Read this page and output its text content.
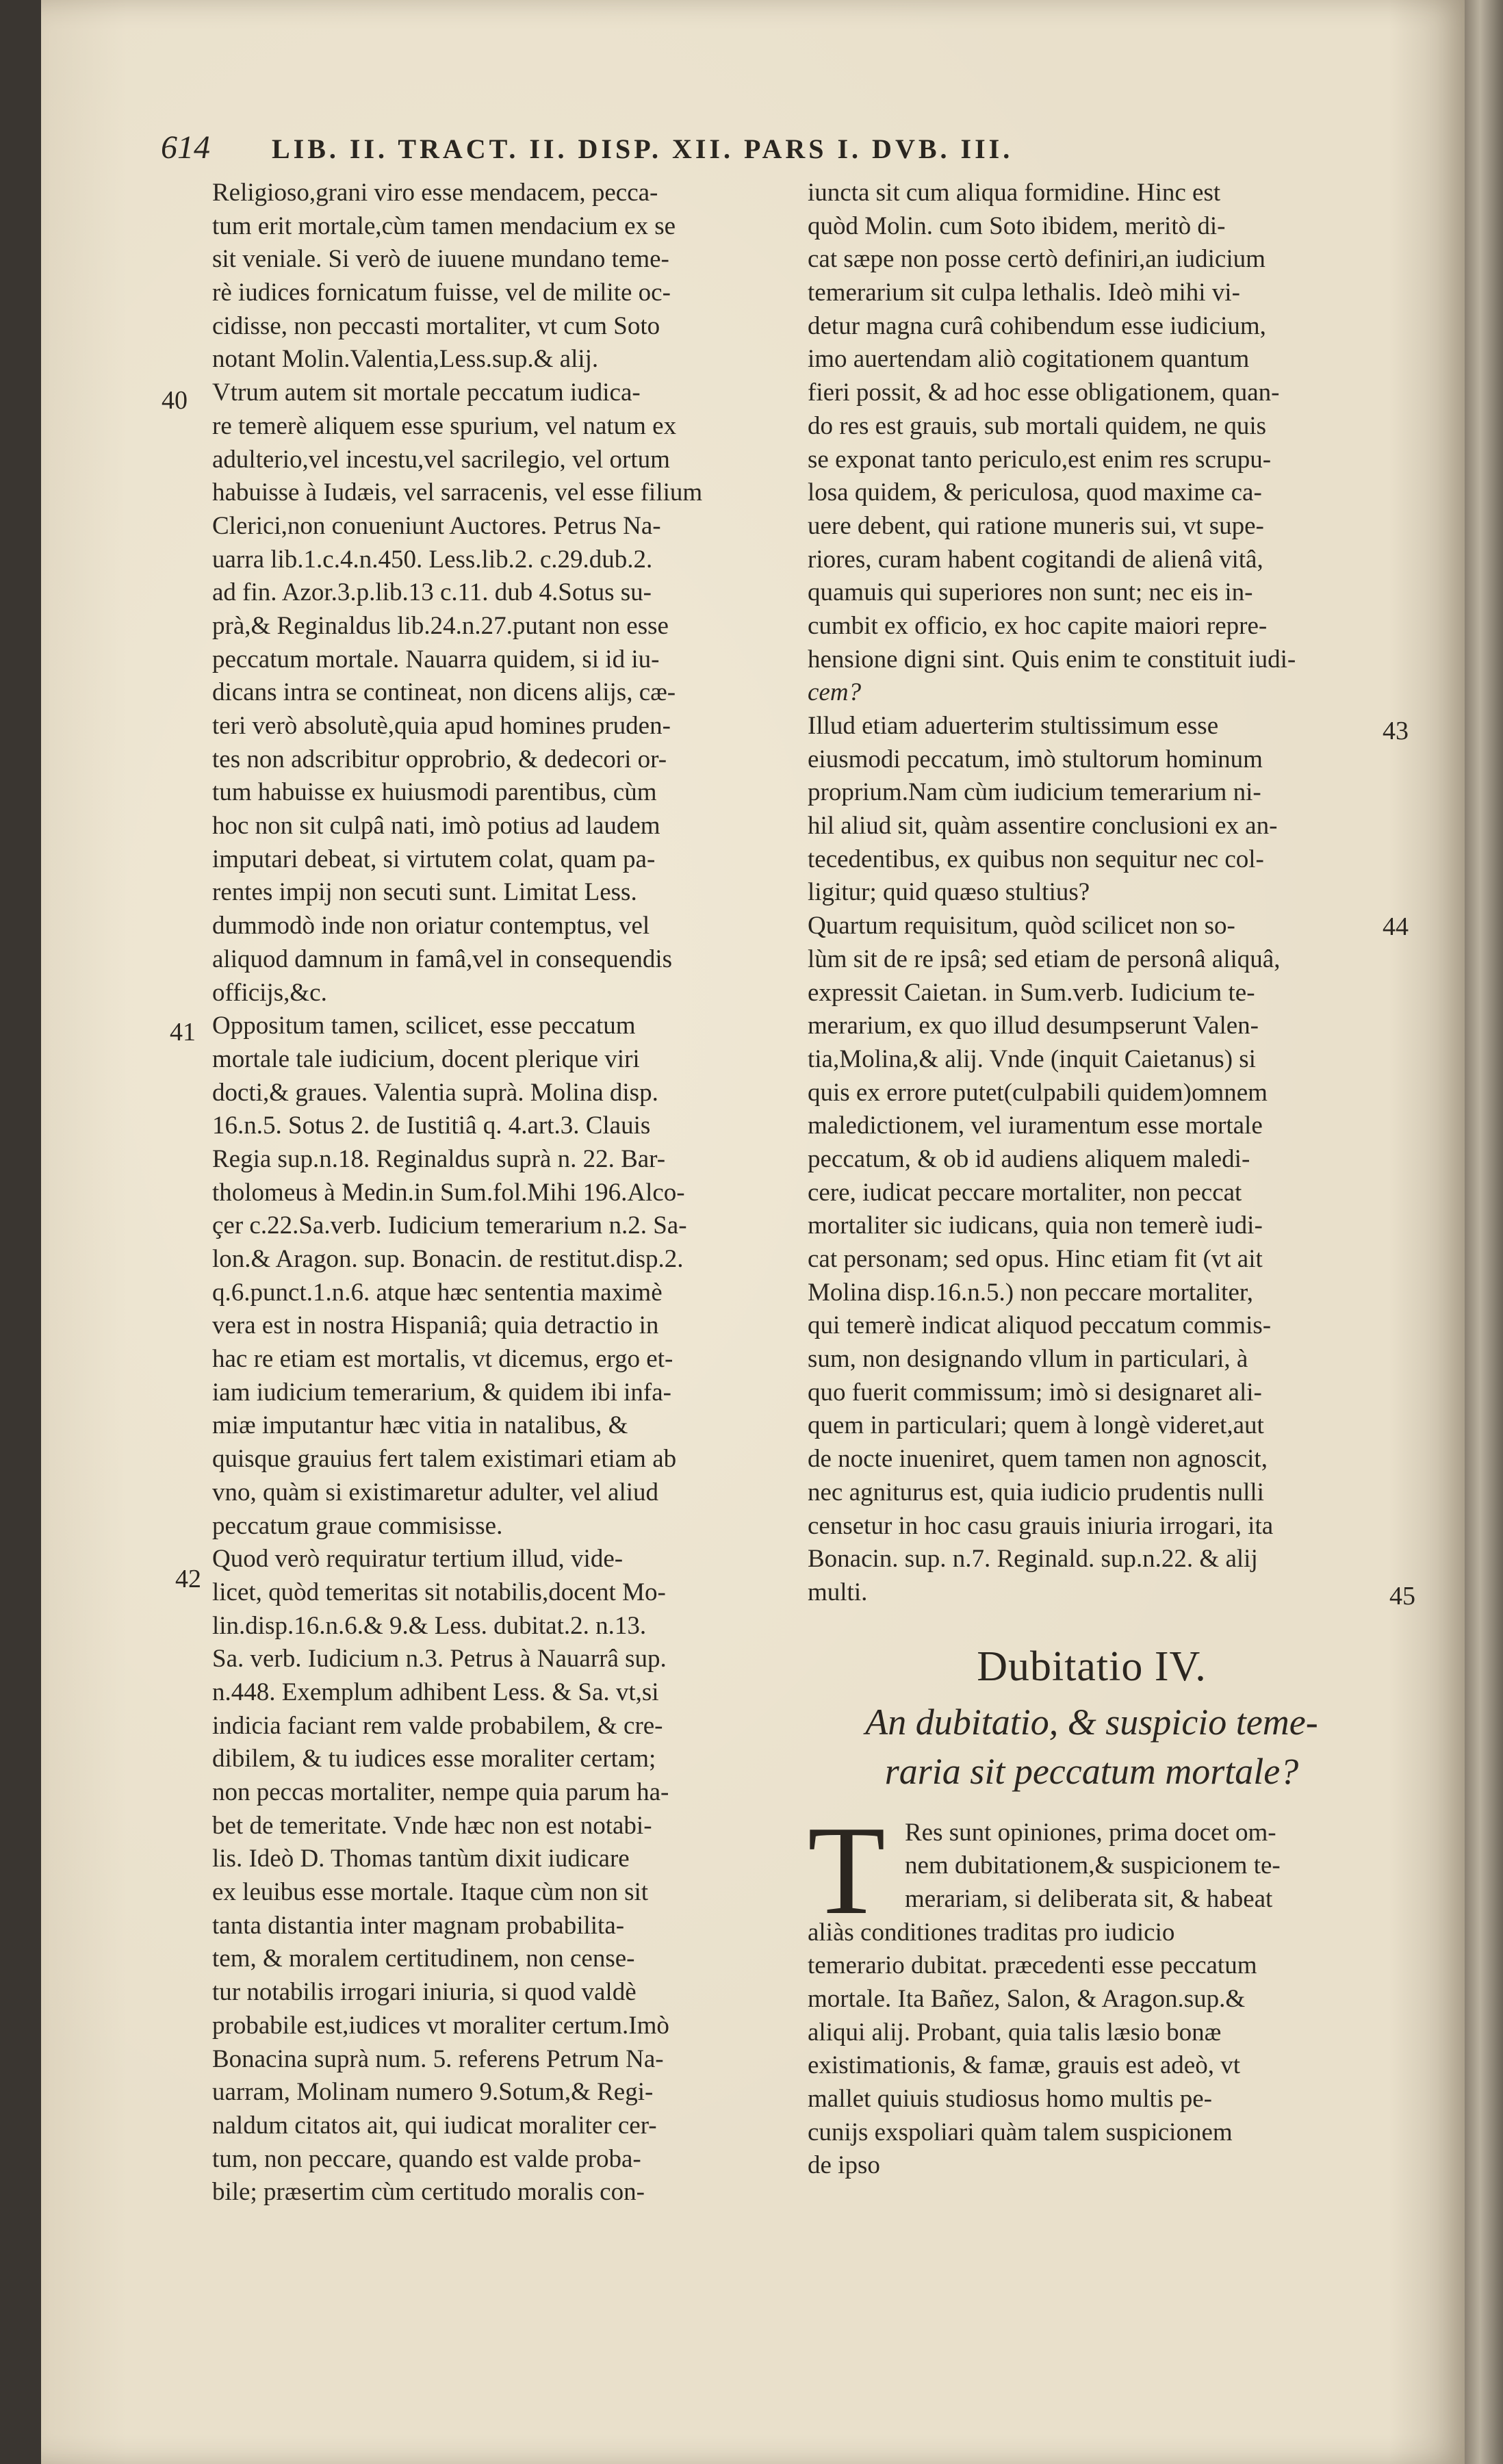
614 LIB. II. TRACT. II. DISP. XII. PARS I. DVB. III.
Religioso,grani viro esse mendacem, pecca-
tum erit mortale,cùm tamen mendacium ex se
sit veniale. Si verò de iuuene mundano teme-
rè iudices fornicatum fuisse, vel de milite oc-
cidisse, non peccasti mortaliter, vt cum Soto
notant Molin.Valentia,Less.sup.& alij.
Vtrum autem sit mortale peccatum iudica-
re temerè aliquem esse spurium, vel natum ex
adulterio,vel incestu,vel sacrilegio, vel ortum
habuisse à Iudæis, vel sarracenis, vel esse filium
Clerici,non conueniunt Auctores. Petrus Na-
uarra lib.1.c.4.n.450. Less.lib.2. c.29.dub.2.
ad fin. Azor.3.p.lib.13 c.11. dub 4.Sotus su-
prà,& Reginaldus lib.24.n.27.putant non esse
peccatum mortale. Nauarra quidem, si id iu-
dicans intra se contineat, non dicens alijs, cæ-
teri verò absolutè,quia apud homines pruden-
tes non adscribitur opprobrio, & dedecori or-
tum habuisse ex huiusmodi parentibus, cùm
hoc non sit culpâ nati, imò potius ad laudem
imputari debeat, si virtutem colat, quam pa-
rentes impij non secuti sunt. Limitat Less.
dummodò inde non oriatur contemptus, vel
aliquod damnum in famâ,vel in consequendis
officijs,&c.
Oppositum tamen, scilicet, esse peccatum
mortale tale iudicium, docent plerique viri
docti,& graues. Valentia suprà. Molina disp.
16.n.5. Sotus 2. de Iustitiâ q. 4.art.3. Clauis
Regia sup.n.18. Reginaldus suprà n. 22. Bar-
tholomeus à Medin.in Sum.fol.Mihi 196.Alco-
çer c.22.Sa.verb. Iudicium temerarium n.2. Sa-
lon.& Aragon. sup. Bonacin. de restitut.disp.2.
q.6.punct.1.n.6. atque hæc sententia maximè
vera est in nostra Hispaniâ; quia detractio in
hac re etiam est mortalis, vt dicemus, ergo et-
iam iudicium temerarium, & quidem ibi infa-
miæ imputantur hæc vitia in natalibus, &
quisque grauius fert talem existimari etiam ab
vno, quàm si existimaretur adulter, vel aliud
peccatum graue commisisse.
Quod verò requiratur tertium illud, vide-
licet, quòd temeritas sit notabilis,docent Mo-
lin.disp.16.n.6.& 9.& Less. dubitat.2. n.13.
Sa. verb. Iudicium n.3. Petrus à Nauarrâ sup.
n.448. Exemplum adhibent Less. & Sa. vt,si
indicia faciant rem valde probabilem, & cre-
dibilem, & tu iudices esse moraliter certam;
non peccas mortaliter, nempe quia parum ha-
bet de temeritate. Vnde hæc non est notabi-
lis. Ideò D. Thomas tantùm dixit iudicare
ex leuibus esse mortale. Itaque cùm non sit
tanta distantia inter magnam probabilita-
tem, & moralem certitudinem, non cense-
tur notabilis irrogari iniuria, si quod valdè
probabile est,iudices vt moraliter certum.Imò
Bonacina suprà num. 5. referens Petrum Na-
uarram, Molinam numero 9.Sotum,& Regi-
naldum citatos ait, qui iudicat moraliter cer-
tum, non peccare, quando est valde proba-
bile; præsertim cùm certitudo moralis con-
iuncta sit cum aliqua formidine. Hinc est
quòd Molin. cum Soto ibidem, meritò di-
cat sæpe non posse certò definiri,an iudicium
temerarium sit culpa lethalis. Ideò mihi vi-
detur magna curâ cohibendum esse iudicium,
imo auertendam aliò cogitationem quantum
fieri possit, & ad hoc esse obligationem, quan-
do res est grauis, sub mortali quidem, ne quis
se exponat tanto periculo,est enim res scrupu-
losa quidem, & periculosa, quod maxime ca-
uere debent, qui ratione muneris sui, vt supe-
riores, curam habent cogitandi de alienâ vitâ,
quamuis qui superiores non sunt; nec eis in-
cumbit ex officio, ex hoc capite maiori repre-
hensione digni sint. Quis enim te constituit iudi-
cem?
Illud etiam aduerterim stultissimum esse
eiusmodi peccatum, imò stultorum hominum
proprium.Nam cùm iudicium temerarium ni-
hil aliud sit, quàm assentire conclusioni ex an-
tecedentibus, ex quibus non sequitur nec col-
ligitur; quid quæso stultius?
Quartum requisitum, quòd scilicet non so-
lùm sit de re ipsâ; sed etiam de personâ aliquâ,
expressit Caietan. in Sum.verb. Iudicium te-
merarium, ex quo illud desumpserunt Valen-
tia,Molina,& alij. Vnde (inquit Caietanus) si
quis ex errore putet(culpabili quidem)omnem
maledictionem, vel iuramentum esse mortale
peccatum, & ob id audiens aliquem maledi-
cere, iudicat peccare mortaliter, non peccat
mortaliter sic iudicans, quia non temerè iudi-
cat personam; sed opus. Hinc etiam fit (vt ait
Molina disp.16.n.5.) non peccare mortaliter,
qui temerè indicat aliquod peccatum commis-
sum, non designando vllum in particulari, à
quo fuerit commissum; imò si designaret ali-
quem in particulari; quem à longè videret,aut
de nocte inueniret, quem tamen non agnoscit,
nec agniturus est, quia iudicio prudentis nulli
censetur in hoc casu grauis iniuria irrogari, ita
Bonacin. sup. n.7. Reginald. sup.n.22. & alij
multi.
Dubitatio IV.
An dubitatio, & suspicio teme-
raria sit peccatum mortale?
T Res sunt opiniones, prima docet om-
nem dubitationem,& suspicionem te-
merariam, si deliberata sit, & habeat
aliàs conditiones traditas pro iudicio
temerario dubitat. præcedenti esse peccatum
mortale. Ita Bañez, Salon, & Aragon.sup.&
aliqui alij. Probant, quia talis læsio bonæ
existimationis, & famæ, grauis est adeò, vt
mallet quiuis studiosus homo multis pe-
cunijs exspoliari quàm talem suspicionem
de ipso
40
41
42
43
44
45
